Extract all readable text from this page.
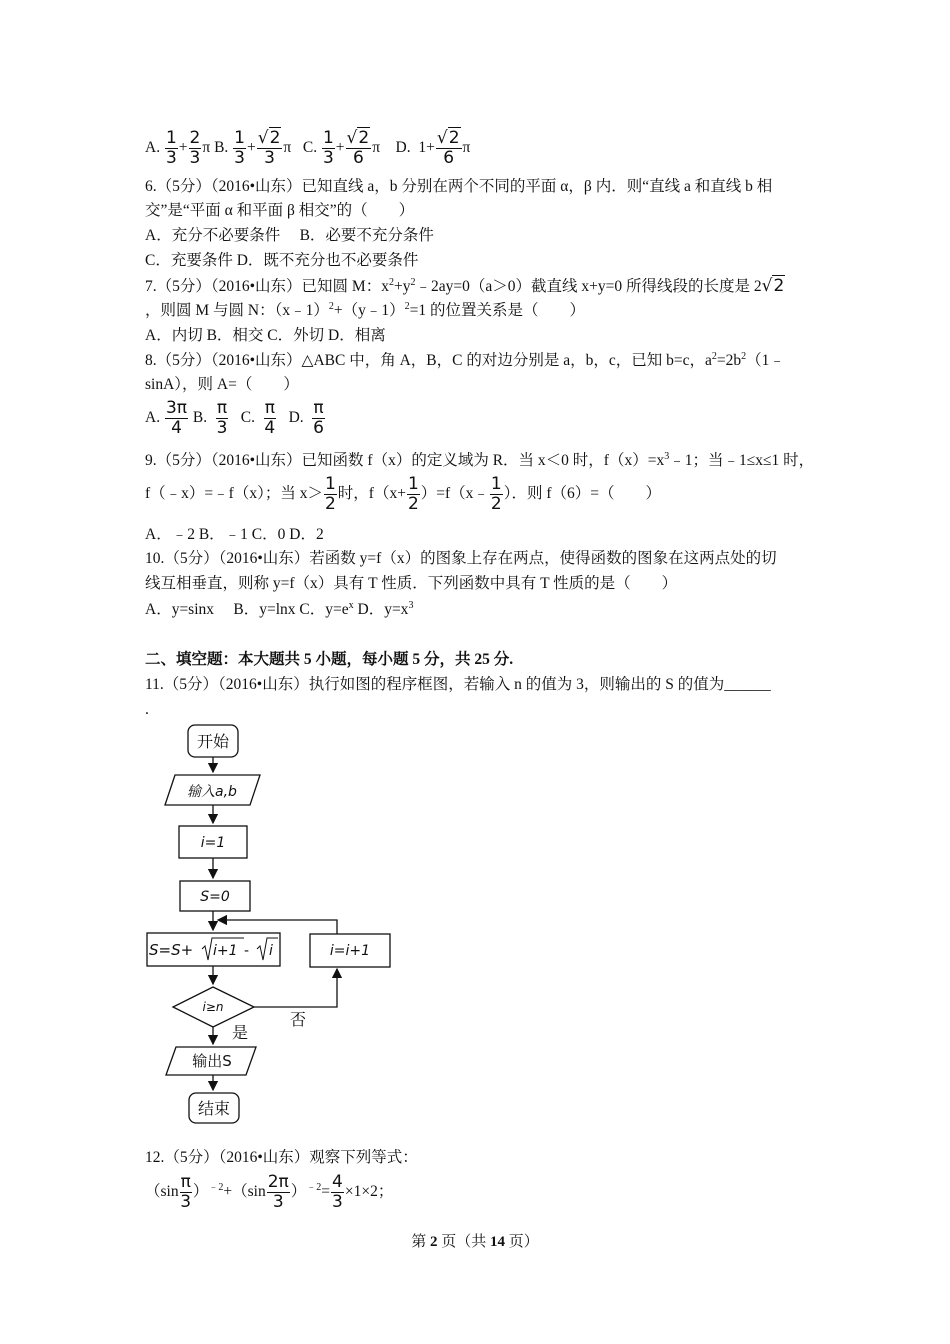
A. $\frac{1}{3} + \frac{2}{3}$ π B. $\frac{1}{3} + \frac{√2}{3}$ π C. $\frac{1}{3} + \frac{√2}{6}$ π D. $1+ \frac{√2}{6}$ π
6.（5分）（2016•山东）已知直线 a，b 分别在两个不同的平面 α，β 内．则“直线 a 和直线 b 相
交”是“平面 α 和平面 β 相交”的（　　）
A．充分不必要条件　 B．必要不充分条件
C．充要条件 D．既不充分也不必要条件
7.（5分）（2016•山东）已知圆 M：$x^2+y^2﹣2ay=0(a>0)$截直线 x+y=0 所得线段的长度是 2√2
，则圆 M 与圆 N：（x﹣1）$^2$+（y﹣1）$^2$=1 的位置关系是（　　）
A．内切 B．相交 C．外切 D．相离
8.（5分）（2016•山东）△ABC 中，角 A，B，C 的对边分别是 a，b，c，已知 b=c，$a^2=2b^2(1﹣$
sinA），则 A=（　　）
A. $\frac{3\pi}{4} B$. $\frac{\pi}{3} C$. $\frac{\pi}{4} D$. $\frac{\pi}{6}$
9.（5分）（2016•山东）已知函数 f（x）的定义域为 R．当 x＜0 时，$f(x)=x^3﹣1$；当﹣1≤x≤1 时，
f（﹣x）=﹣f（x）；当 $x> \frac{1}{2}$ 时，$f(x+ \frac{1}{2}$ ）=f（x﹣ $\frac{1}{2}$ ）．则 f（6）=（　　）
A．﹣2 B．﹣1 C．0 D．2
10.（5分）（2016•山东）若函数 y=f（x）的图象上存在两点，使得函数的图象在这两点处的切
线互相垂直，则称 y=f（x）具有 T 性质．下列函数中具有 T 性质的是（　　）
A．y=sinx　 B．y=lnx C．$y=e^x$ D．$y=x^3$
二、填空题：本大题共 5 小题，每小题 5 分，共 25 分.
11.（5分）（2016•山东）执行如图的程序框图，若输入 n 的值为 3，则输出的 S 的值为______
.
开始
输入a,b
i=1
S=0
S=S+ i+1 - i	i=i+1
i≥n
否
是
输出S
结束
12.（5分）（2016•山东）观察下列等式：
$(\sin \frac{\pi}{3} )^{﹣2}+(\sin \frac{2\pi}{3} )^{﹣2}= \frac{4}{3} \times 1\times 2$；
第 2 页（共 14 页）
